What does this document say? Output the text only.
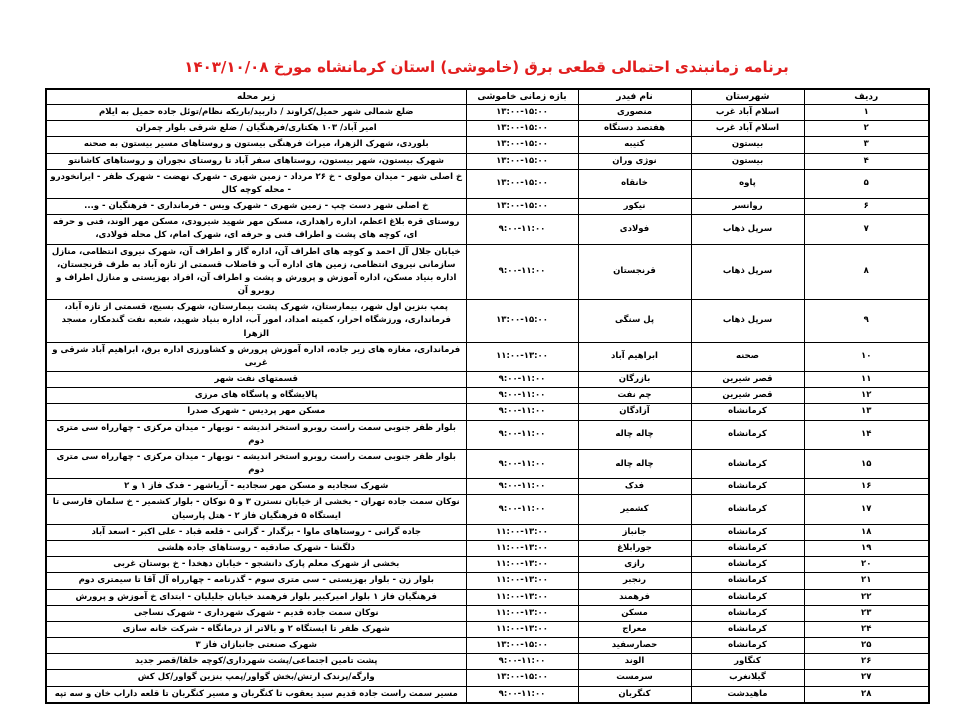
برنامه زمانبندی احتمالی قطعی برق (خاموشی) استان کرمانشاه مورخ ۱۴۰۳/۱۰/۰۸
ردیف	شهرستان	نام فیدر	بازه زمانی خاموشی	زیر محله
۱	اسلام آباد غرب	منصوری	۱۳:۰۰-۱۵:۰۰	ضلع شمالی شهر حمیل/کراوند / داربید/باریکه نظام/توئل جاده حمیل به ایلام
۲	اسلام آباد غرب	هفتصد دستگاه	۱۳:۰۰-۱۵:۰۰	امیر آباد/ ۱۰۳ هکتاری/فرهنگیان / ضلع شرقی بلوار چمران
۳	بیستون	کتیبه	۱۳:۰۰-۱۵:۰۰	بلوردی، شهرک الزهرا، میراث فرهنگی بیستون و روستاهای مسیر بیستون به صحنه
۴	بیستون	نوژی وران	۱۳:۰۰-۱۵:۰۰	شهرک بیستون، شهر بیستون، روستاهای سفر آباد تا روستای نجوران و روستاهای کاشانتو
۵	پاوه	خانقاه	۱۳:۰۰-۱۵:۰۰	خ اصلی شهر - میدان مولوی - خ ۲۶ مرداد - زمین شهری - شهرک نهضت - شهرک ظفر - ایرانخودرو - محله کوچه کال
۶	روانسر	نیکور	۱۳:۰۰-۱۵:۰۰	خ اصلی شهر دست چپ - زمین شهری - شهرک ویس - فرمانداری - فرهنگیان - و...
۷	سرپل ذهاب	فولادی	۹:۰۰-۱۱:۰۰	روستای قره بلاغ اعظم، اداره راهداری، مسکن مهر شهید شیرودی، مسکن مهر الوند، فنی و حرفه ای، کوچه های پشت و اطراف فنی و حرفه ای، شهرک امام، کل محله فولادی،
۸	سرپل ذهاب	قرنجستان	۹:۰۰-۱۱:۰۰	خیابان جلال آل احمد و کوچه های اطراف آن، اداره گاز و اطراف آن، شهرک نیروی انتظامی، منازل سازمانی نیروی انتظامی، زمین های اداره آب و فاضلاب قسمتی از تازه آباد به طرف قرنجستان، اداره بنیاد مسکن، اداره آموزش و پرورش و پشت و اطراف آن، افراد بهزیستی و منازل اطراف و روبرو آن
۹	سرپل ذهاب	پل سنگی	۱۳:۰۰-۱۵:۰۰	پمپ بنزین اول شهر، بیمارستان، شهرک پشت بیمارستان، شهرک بسیج، قسمتی از تازه آباد، فرمانداری، ورزشگاه احرار، کمیته امداد، امور آب، اداره بنیاد شهید، شعبه نفت گندمکار، مسجد الزهرا
۱۰	صحنه	ابراهیم آباد	۱۱:۰۰-۱۳:۰۰	فرمانداری، مغازه های زیر جاده، اداره آموزش پرورش و کشاورزی اداره برق، ابراهیم آباد شرقی و غربی
۱۱	قصر شیرین	بازرگان	۹:۰۰-۱۱:۰۰	قسمتهای نفت شهر
۱۲	قصر شیرین	چم نفت	۹:۰۰-۱۱:۰۰	پالایشگاه و پاسگاه های مرزی
۱۳	کرمانشاه	آزادگان	۹:۰۰-۱۱:۰۰	مسکن مهر پردیس - شهرک صدرا
۱۴	کرمانشاه	چاله چاله	۹:۰۰-۱۱:۰۰	بلوار ظفر جنوبی سمت راست روبرو استخر اندیشه - نوبهار - میدان مرکزی - چهارراه سی متری دوم
۱۵	کرمانشاه	چاله چاله	۹:۰۰-۱۱:۰۰	بلوار ظفر جنوبی سمت راست روبرو استخر اندیشه - نوبهار - میدان مرکزی - چهارراه سی متری دوم
۱۶	کرمانشاه	فدک	۹:۰۰-۱۱:۰۰	شهرک سجادیه و مسکن مهر سجادیه - آریاشهر - فدک فاز ۱ و ۲
۱۷	کرمانشاه	کشمیر	۹:۰۰-۱۱:۰۰	نوکان سمت جاده تهران - بخشی از خیابان نسترن ۳ و ۵ نوکان - بلوار کشمیر - خ سلمان فارسی تا ایستگاه ۵ فرهنگیان فاز ۲ - هتل پارسیان
۱۸	کرمانشاه	جانباز	۱۱:۰۰-۱۳:۰۰	جاده گرانی - روستاهای ماوا - بزگدار - گرانی - قلعه قباد - علی اکبر - اسعد آباد
۱۹	کرمانشاه	جورابلاغ	۱۱:۰۰-۱۳:۰۰	دلگشا - شهرک صادقیه - روستاهای جاده هلشی
۲۰	کرمانشاه	رازی	۱۱:۰۰-۱۳:۰۰	بخشی از شهرک معلم پارک دانشجو - خیابان دهخدا - خ بوستان غربی
۲۱	کرمانشاه	رنجبر	۱۱:۰۰-۱۳:۰۰	بلوار زن - بلوار بهزیستی - سی متری سوم - گذرنامه - چهارراه آل آقا تا سیمتری دوم
۲۲	کرمانشاه	فرهمند	۱۱:۰۰-۱۳:۰۰	فرهنگیان فاز ۱ بلوار امیرکبیر بلوار فرهمند خیابان جلیلیان - ابتدای خ آموزش و پرورش
۲۳	کرمانشاه	مسکن	۱۱:۰۰-۱۳:۰۰	نوکان سمت جاده قدیم - شهرک شهرداری - شهرک نساجی
۲۴	کرمانشاه	معراج	۱۱:۰۰-۱۳:۰۰	شهرک ظفر تا ایستگاه ۲ و بالاتر از درمانگاه - شرکت خانه سازی
۲۵	کرمانشاه	حصارسفید	۱۳:۰۰-۱۵:۰۰	شهرک صنعتی جانبازان فاز ۳
۲۶	کنگاور	الوند	۹:۰۰-۱۱:۰۰	پشت تامین اجتماعی/پشت شهرداری/کوچه خلفا/قصر جدید
۲۷	گیلانغرب	سرمست	۱۳:۰۰-۱۵:۰۰	وارگه/پرندک ارتش/بخش گواور/پمپ بنزین گواور/کل کش
۲۸	ماهیدشت	کنگربان	۹:۰۰-۱۱:۰۰	مسیر سمت راست جاده قدیم سید یعقوب تا کنگربان و مسیر کنگربان تا قلعه داراب خان و سه تپه
